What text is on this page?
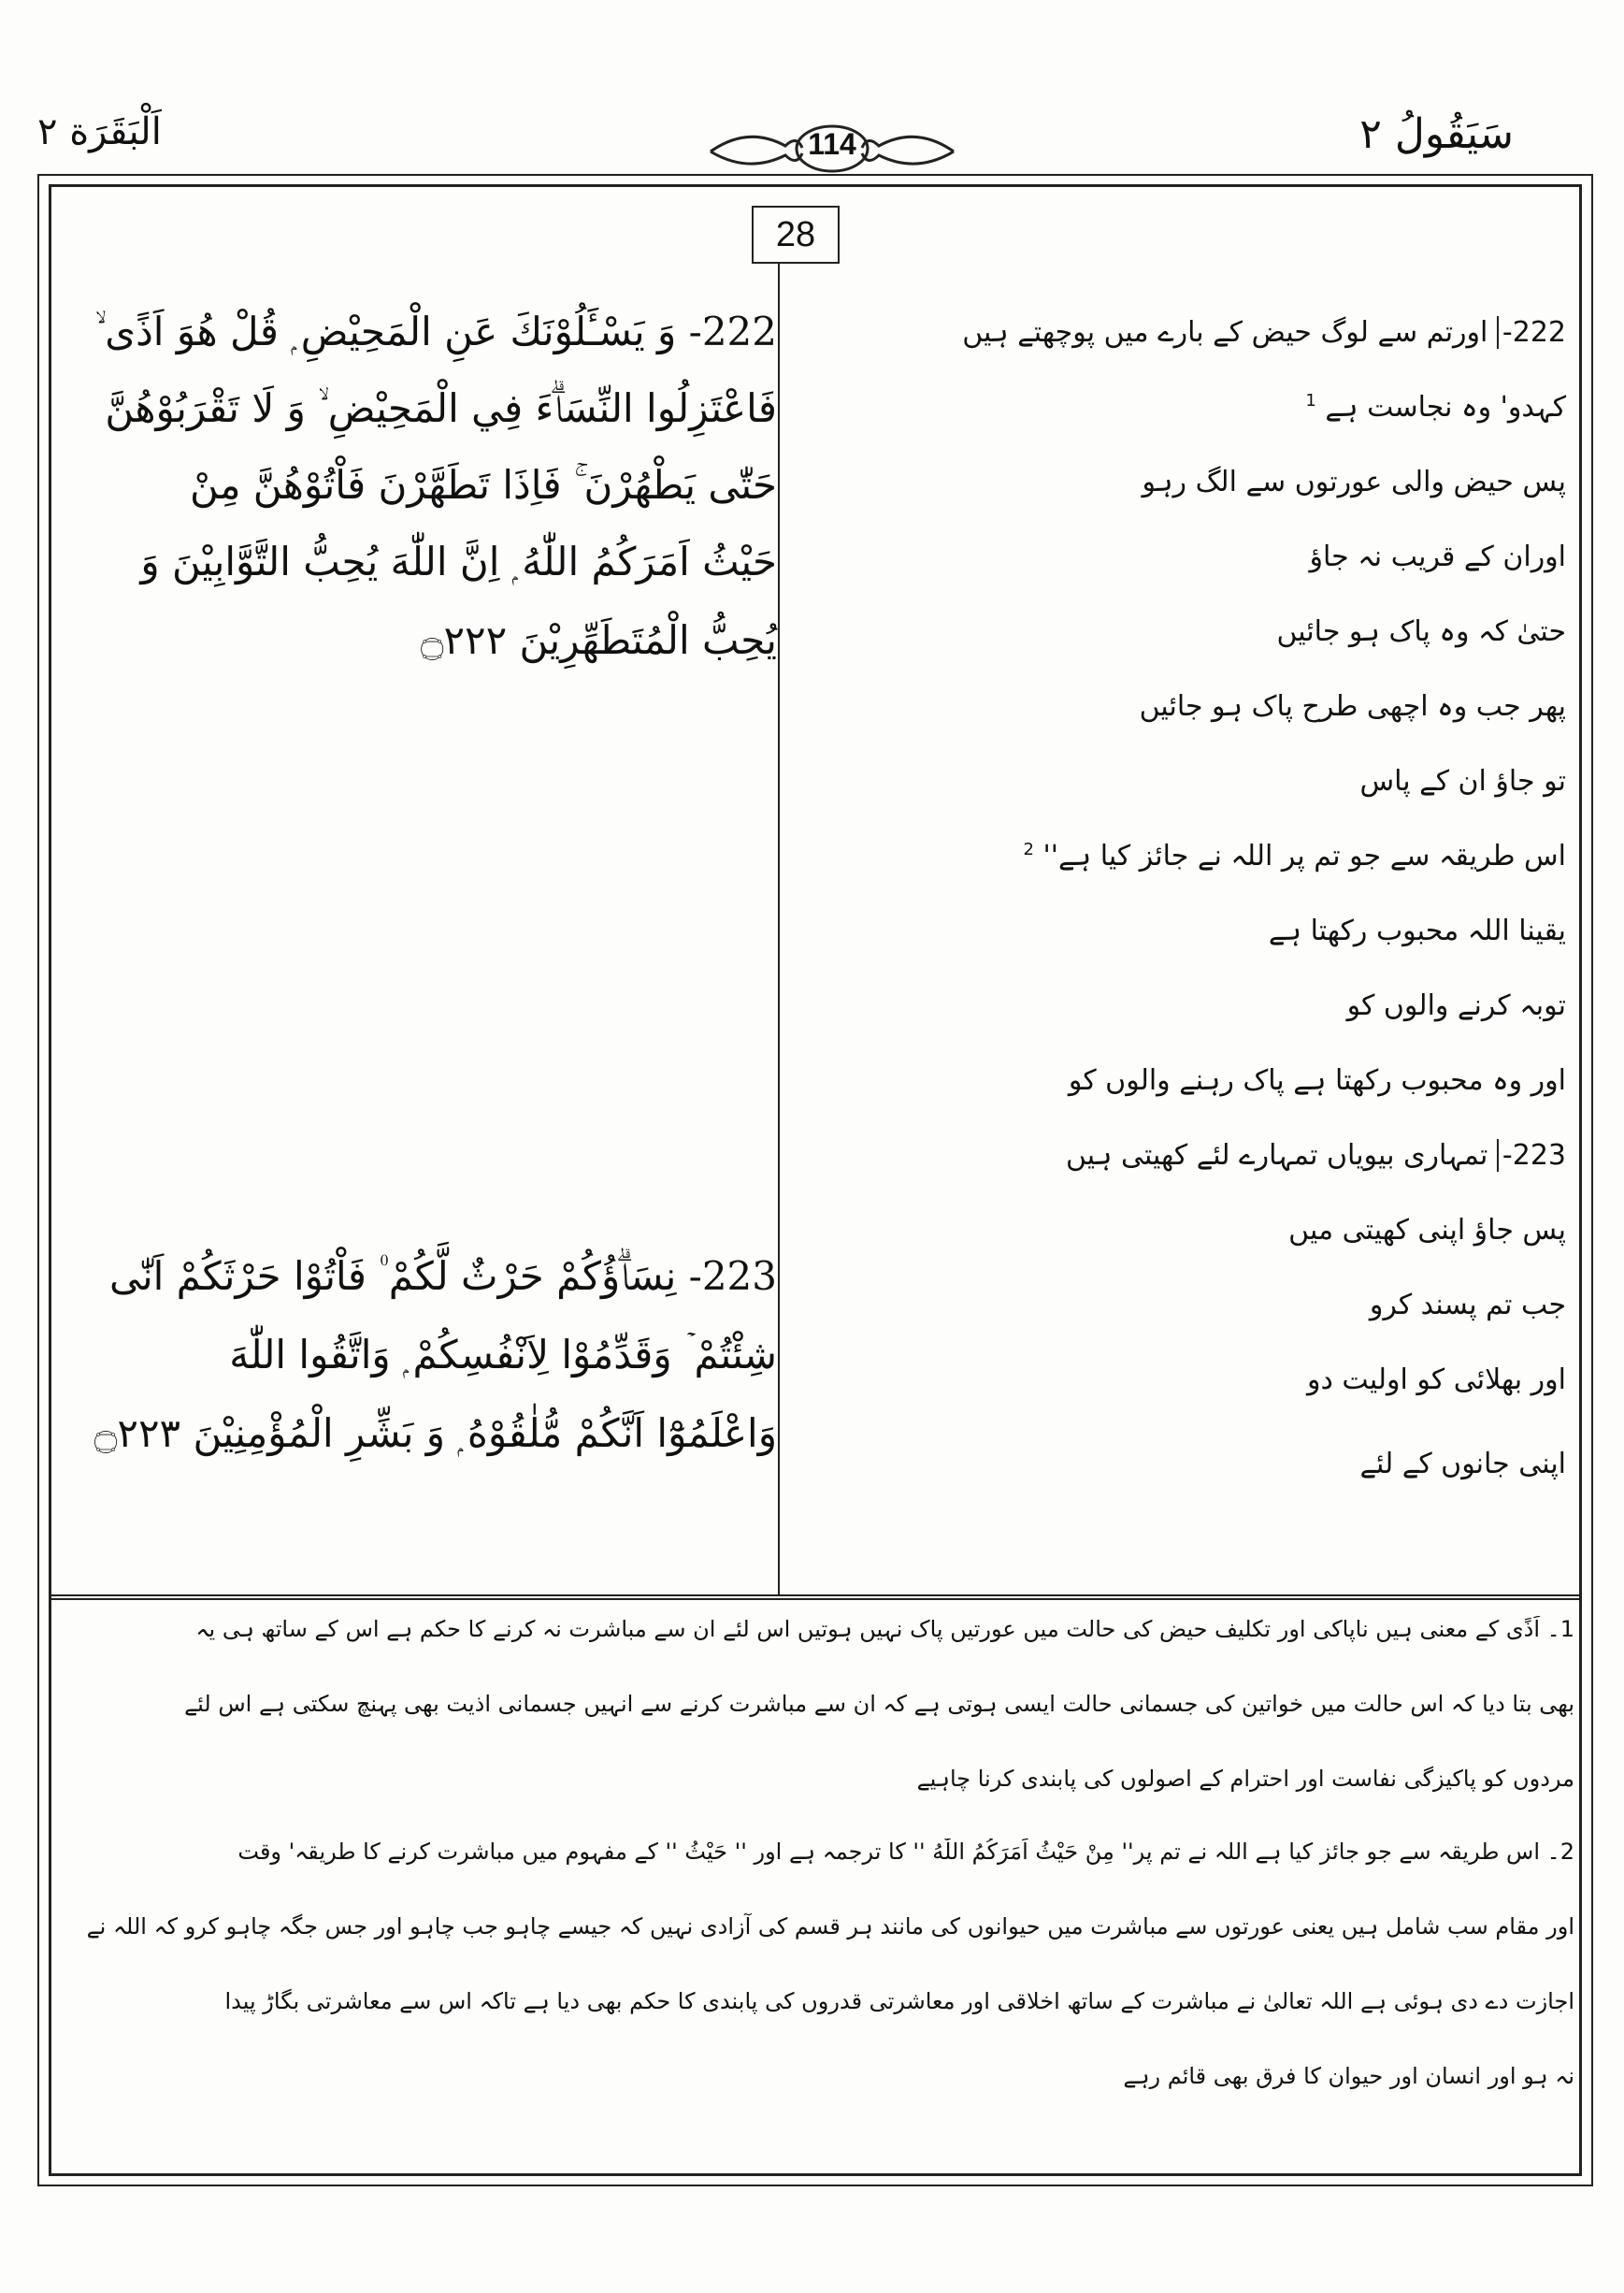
سَيَقُولُ ٢
اَلْبَقَرَة ٢	114
28
222- وَ يَسْـَٔلُوْنَكَ عَنِ الْمَحِيْضِ ۭ قُلْ هُوَ اَذًى ۙ
فَاعْتَزِلُوا النِّسَاۗءَ فِي الْمَحِيْضِ ۙ وَ لَا تَقْرَبُوْهُنَّ
حَتّٰى يَطْهُرْنَ ۚ فَاِذَا تَطَهَّرْنَ فَاْتُوْهُنَّ مِنْ
حَيْثُ اَمَرَكُمُ اللّٰهُ ۭ اِنَّ اللّٰهَ يُحِبُّ التَّوَّابِيْنَ وَ
يُحِبُّ الْمُتَطَهِّرِيْنَ ۝۲۲۲
223- نِسَاۗؤُكُمْ حَرْثٌ لَّكُمْ ۠ فَاْتُوْا حَرْثَكُمْ اَنّٰى
شِئْتُمْ ۡ وَقَدِّمُوْا لِاَنْفُسِكُمْ ۭ وَاتَّقُوا اللّٰهَ
وَاعْلَمُوْٓا اَنَّكُمْ مُّلٰقُوْهُ ۭ وَ بَشِّرِ الْمُؤْمِنِيْنَ ۝۲۲۳
222- اورتم سے لوگ حیض کے بارے میں پوچھتے ہیں
کہدو' وہ نجاست ہے $^1$
پس حیض والی عورتوں سے الگ رہو
اوران کے قریب نہ جاؤ
حتیٰ کہ وہ پاک ہو جائیں
پھر جب وہ اچھی طرح پاک ہو جائیں
تو جاؤ ان کے پاس
اس طریقہ سے جو تم پر اللہ نے جائز کیا ہے'' $^2$
یقینا اللہ محبوب رکھتا ہے
توبہ کرنے والوں کو
اور وہ محبوب رکھتا ہے پاک رہنے والوں کو
223- تمہاری بیویاں تمہارے لئے کھیتی ہیں
پس جاؤ اپنی کھیتی میں
جب تم پسند کرو
اور بھلائی کو اولیت دو
اپنی جانوں کے لئے
1۔ اَذًى کے معنی ہیں ناپاکی اور تکلیف حیض کی حالت میں عورتیں پاک نہیں ہوتیں اس لئے ان سے مباشرت نہ کرنے کا حکم ہے اس کے ساتھ ہی یہ
بھی بتا دیا کہ اس حالت میں خواتین کی جسمانی حالت ایسی ہوتی ہے کہ ان سے مباشرت کرنے سے انہیں جسمانی اذیت بھی پہنچ سکتی ہے اس لئے
مردوں کو پاکیزگی نفاست اور احترام کے اصولوں کی پابندی کرنا چاہیے
2۔ اس طریقہ سے جو جائز کیا ہے اللہ نے تم پر'' مِنْ حَيْثُ اَمَرَكُمُ اللّٰهُ '' کا ترجمہ ہے اور '' حَيْثُ '' کے مفہوم میں مباشرت کرنے کا طریقہ' وقت
اور مقام سب شامل ہیں یعنی عورتوں سے مباشرت میں حیوانوں کی مانند ہر قسم کی آزادی نہیں کہ جیسے چاہو جب چاہو اور جس جگہ چاہو کرو کہ اللہ نے
اجازت دے دی ہوئی ہے اللہ تعالیٰ نے مباشرت کے ساتھ اخلاقی اور معاشرتی قدروں کی پابندی کا حکم بھی دیا ہے تاکہ اس سے معاشرتی بگاڑ پیدا
نہ ہو اور انسان اور حیوان کا فرق بھی قائم رہے
